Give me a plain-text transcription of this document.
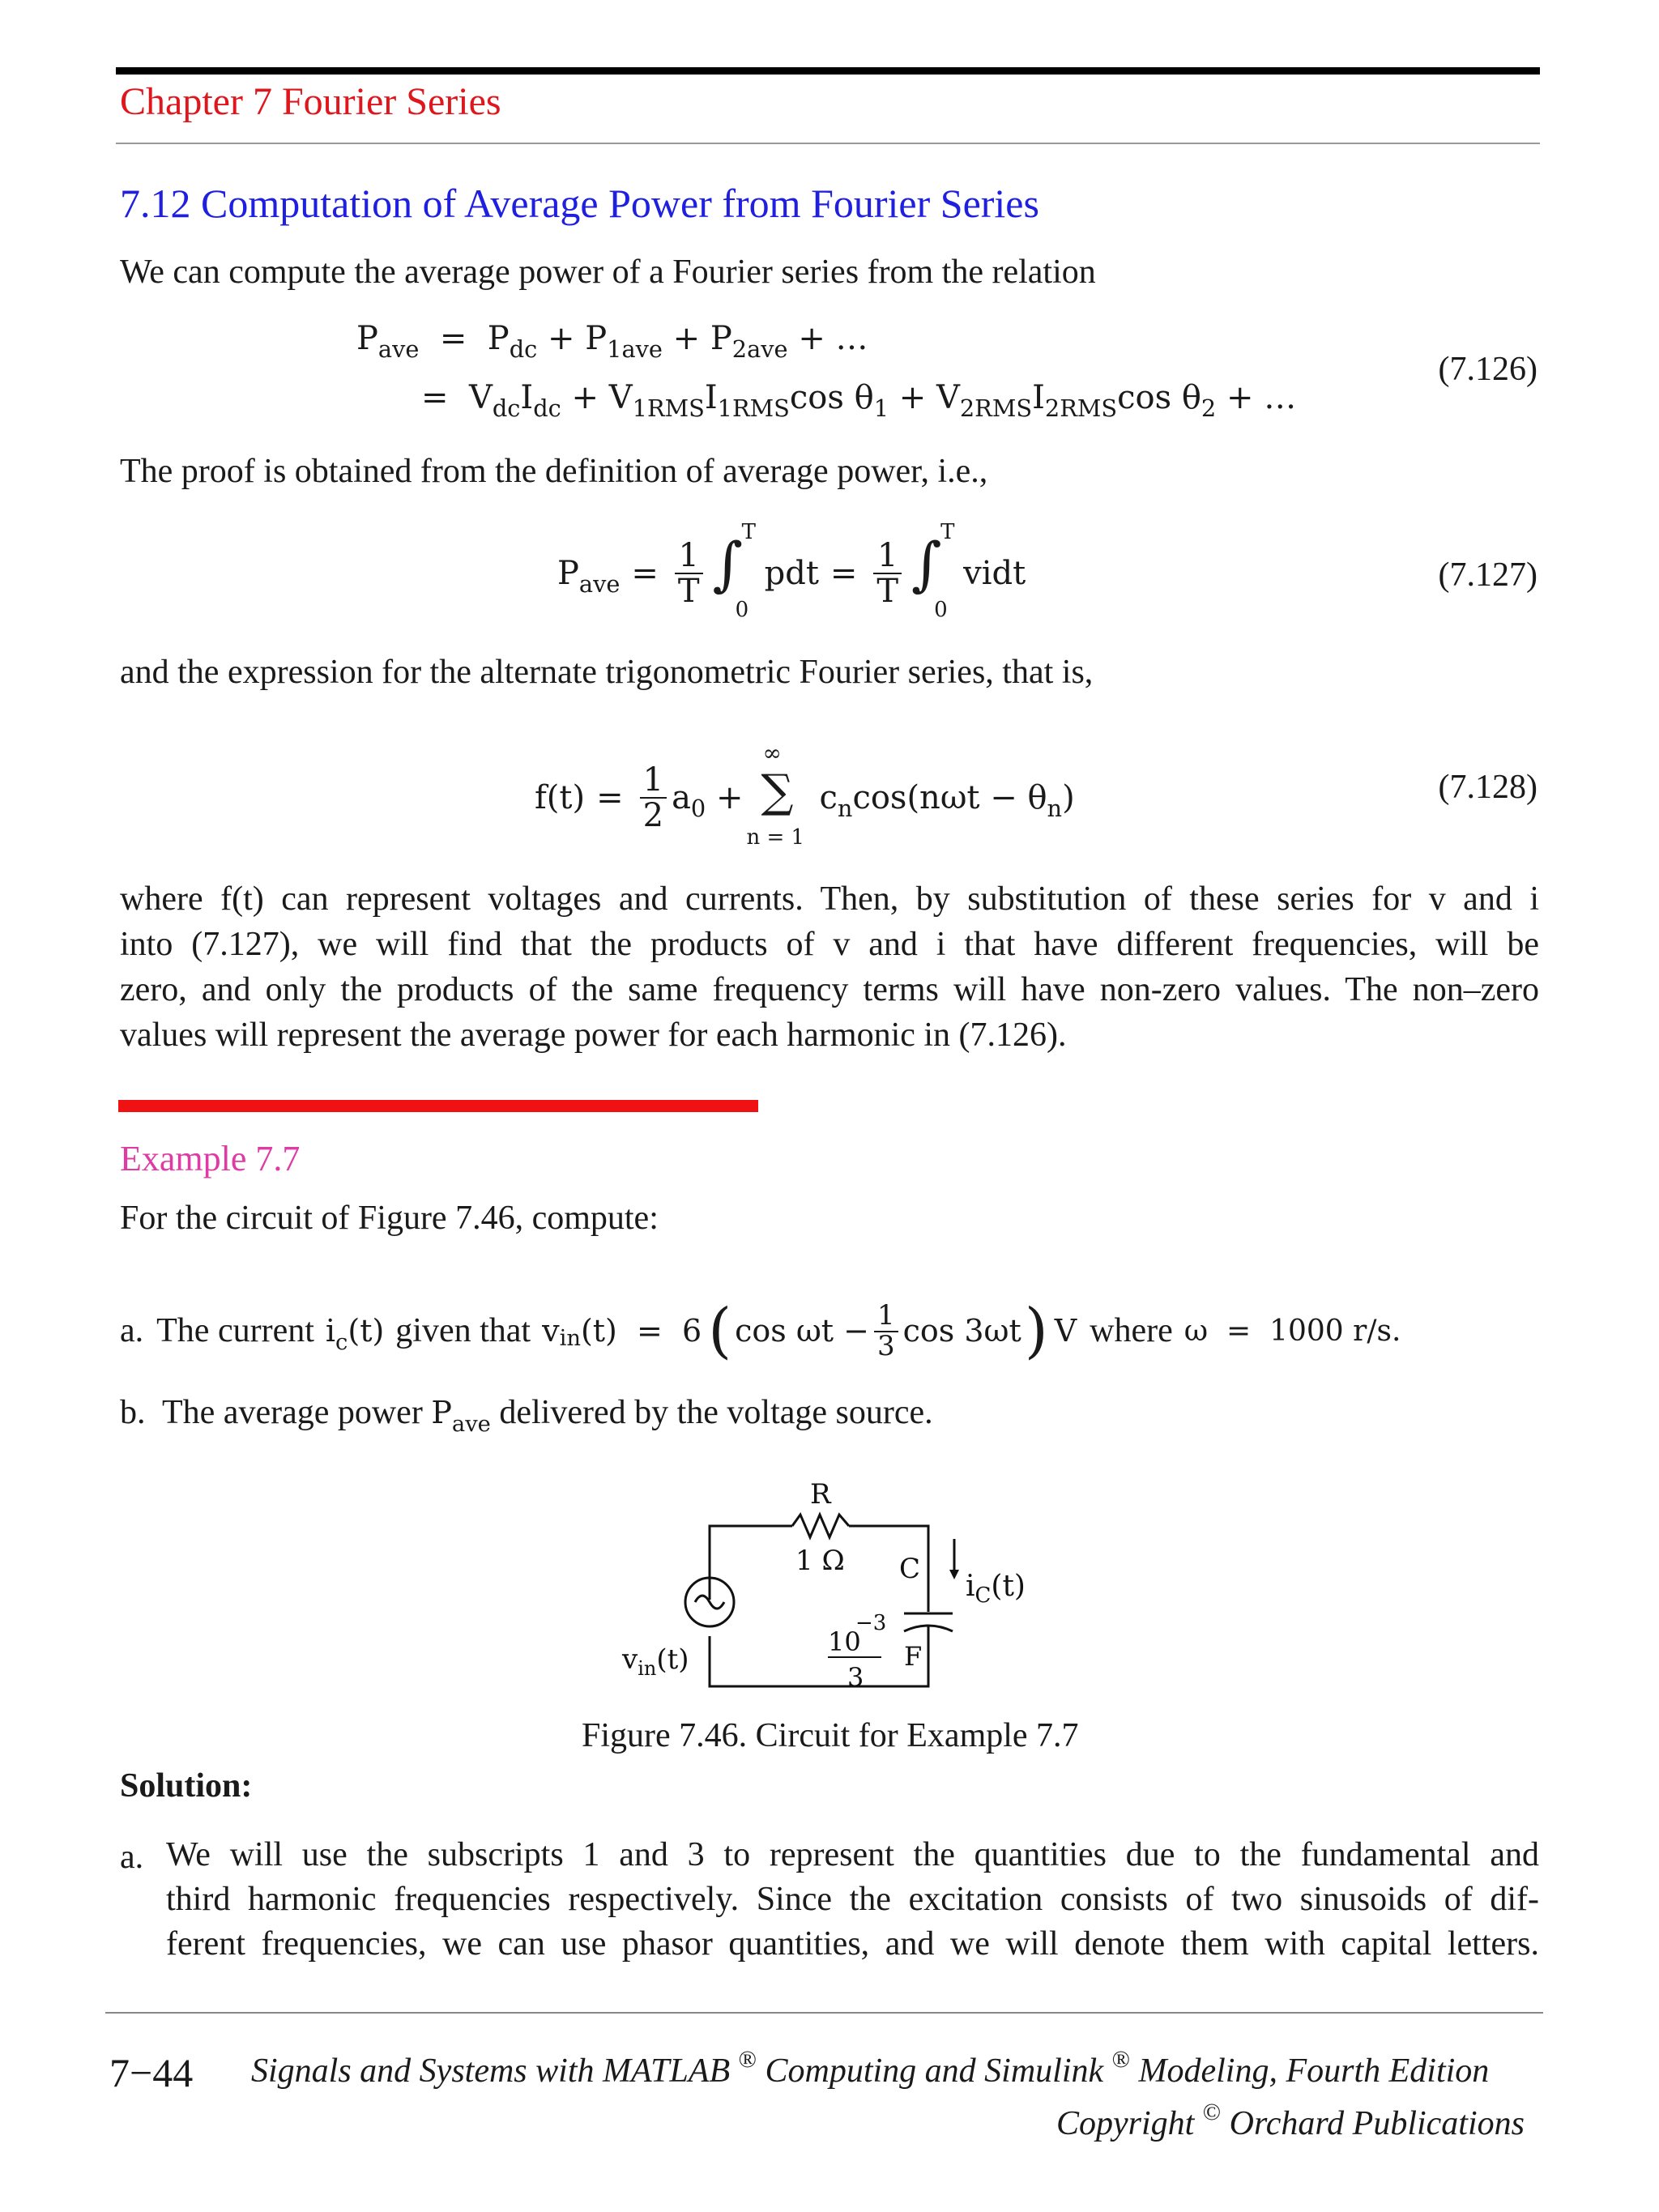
Chapter 7 Fourier Series
7.12 Computation of Average Power from Fourier Series
We can compute the average power of a Fourier series from the relation
$P_{ave} = P_{dc} + P_{1ave} + P_{2ave}$ + …
=  $V_{dc}I_{dc} + V_{1RMS}I_{1RMS}\cos$ $\theta_1 + V_{2RMS}I_{2RMS}\cos$ $\theta_2$ + …
(7.126)
The proof is obtained from the definition of average power, i.e.,
$P_{ave} = \frac{1}{T}$ ∫
T
0
pdt = $\frac{1}{T}$ ∫
T
0
vidt	(7.127)
and the expression for the alternate trigonometric Fourier series, that is,
$f(t) = \frac{1}{2} a_0$ +
∞
∑
n = 1
$c_n\cos(n\omega t - \theta_n)$	(7.128)
where f(t) can represent voltages and currents. Then, by substitution of these series for v and i
into (7.127), we will find that the products of v and i that have different frequencies, will be
zero, and only the products of the same frequency terms will have non-zero values. The non–zero
values will represent the average power for each harmonic in (7.126).
Example 7.7
For the circuit of Figure 7.46, compute:
a. The current $i_c(t)$ given that v in (t)  =  6 ( $\cos \omega t - \frac{1}{3}$ cos 3ωt ) V where ω  =  1000 r/s.
b. The average power $P_{ave}$ delivered by the voltage source.
R
1 Ω C
$i_C(t)$
10
−3
3
F
$v_{in}(t)$
Figure 7.46. Circuit for Example 7.7
Solution:
a. We will use the subscripts 1 and 3 to represent the quantities due to the fundamental and
third harmonic frequencies respectively. Since the excitation consists of two sinusoids of dif-
ferent frequencies, we can use phasor quantities, and we will denote them with capital letters.
7−44 Signals and Systems with MATLAB ® Computing and Simulink ® Modeling, Fourth Edition
Copyright © Orchard Publications
